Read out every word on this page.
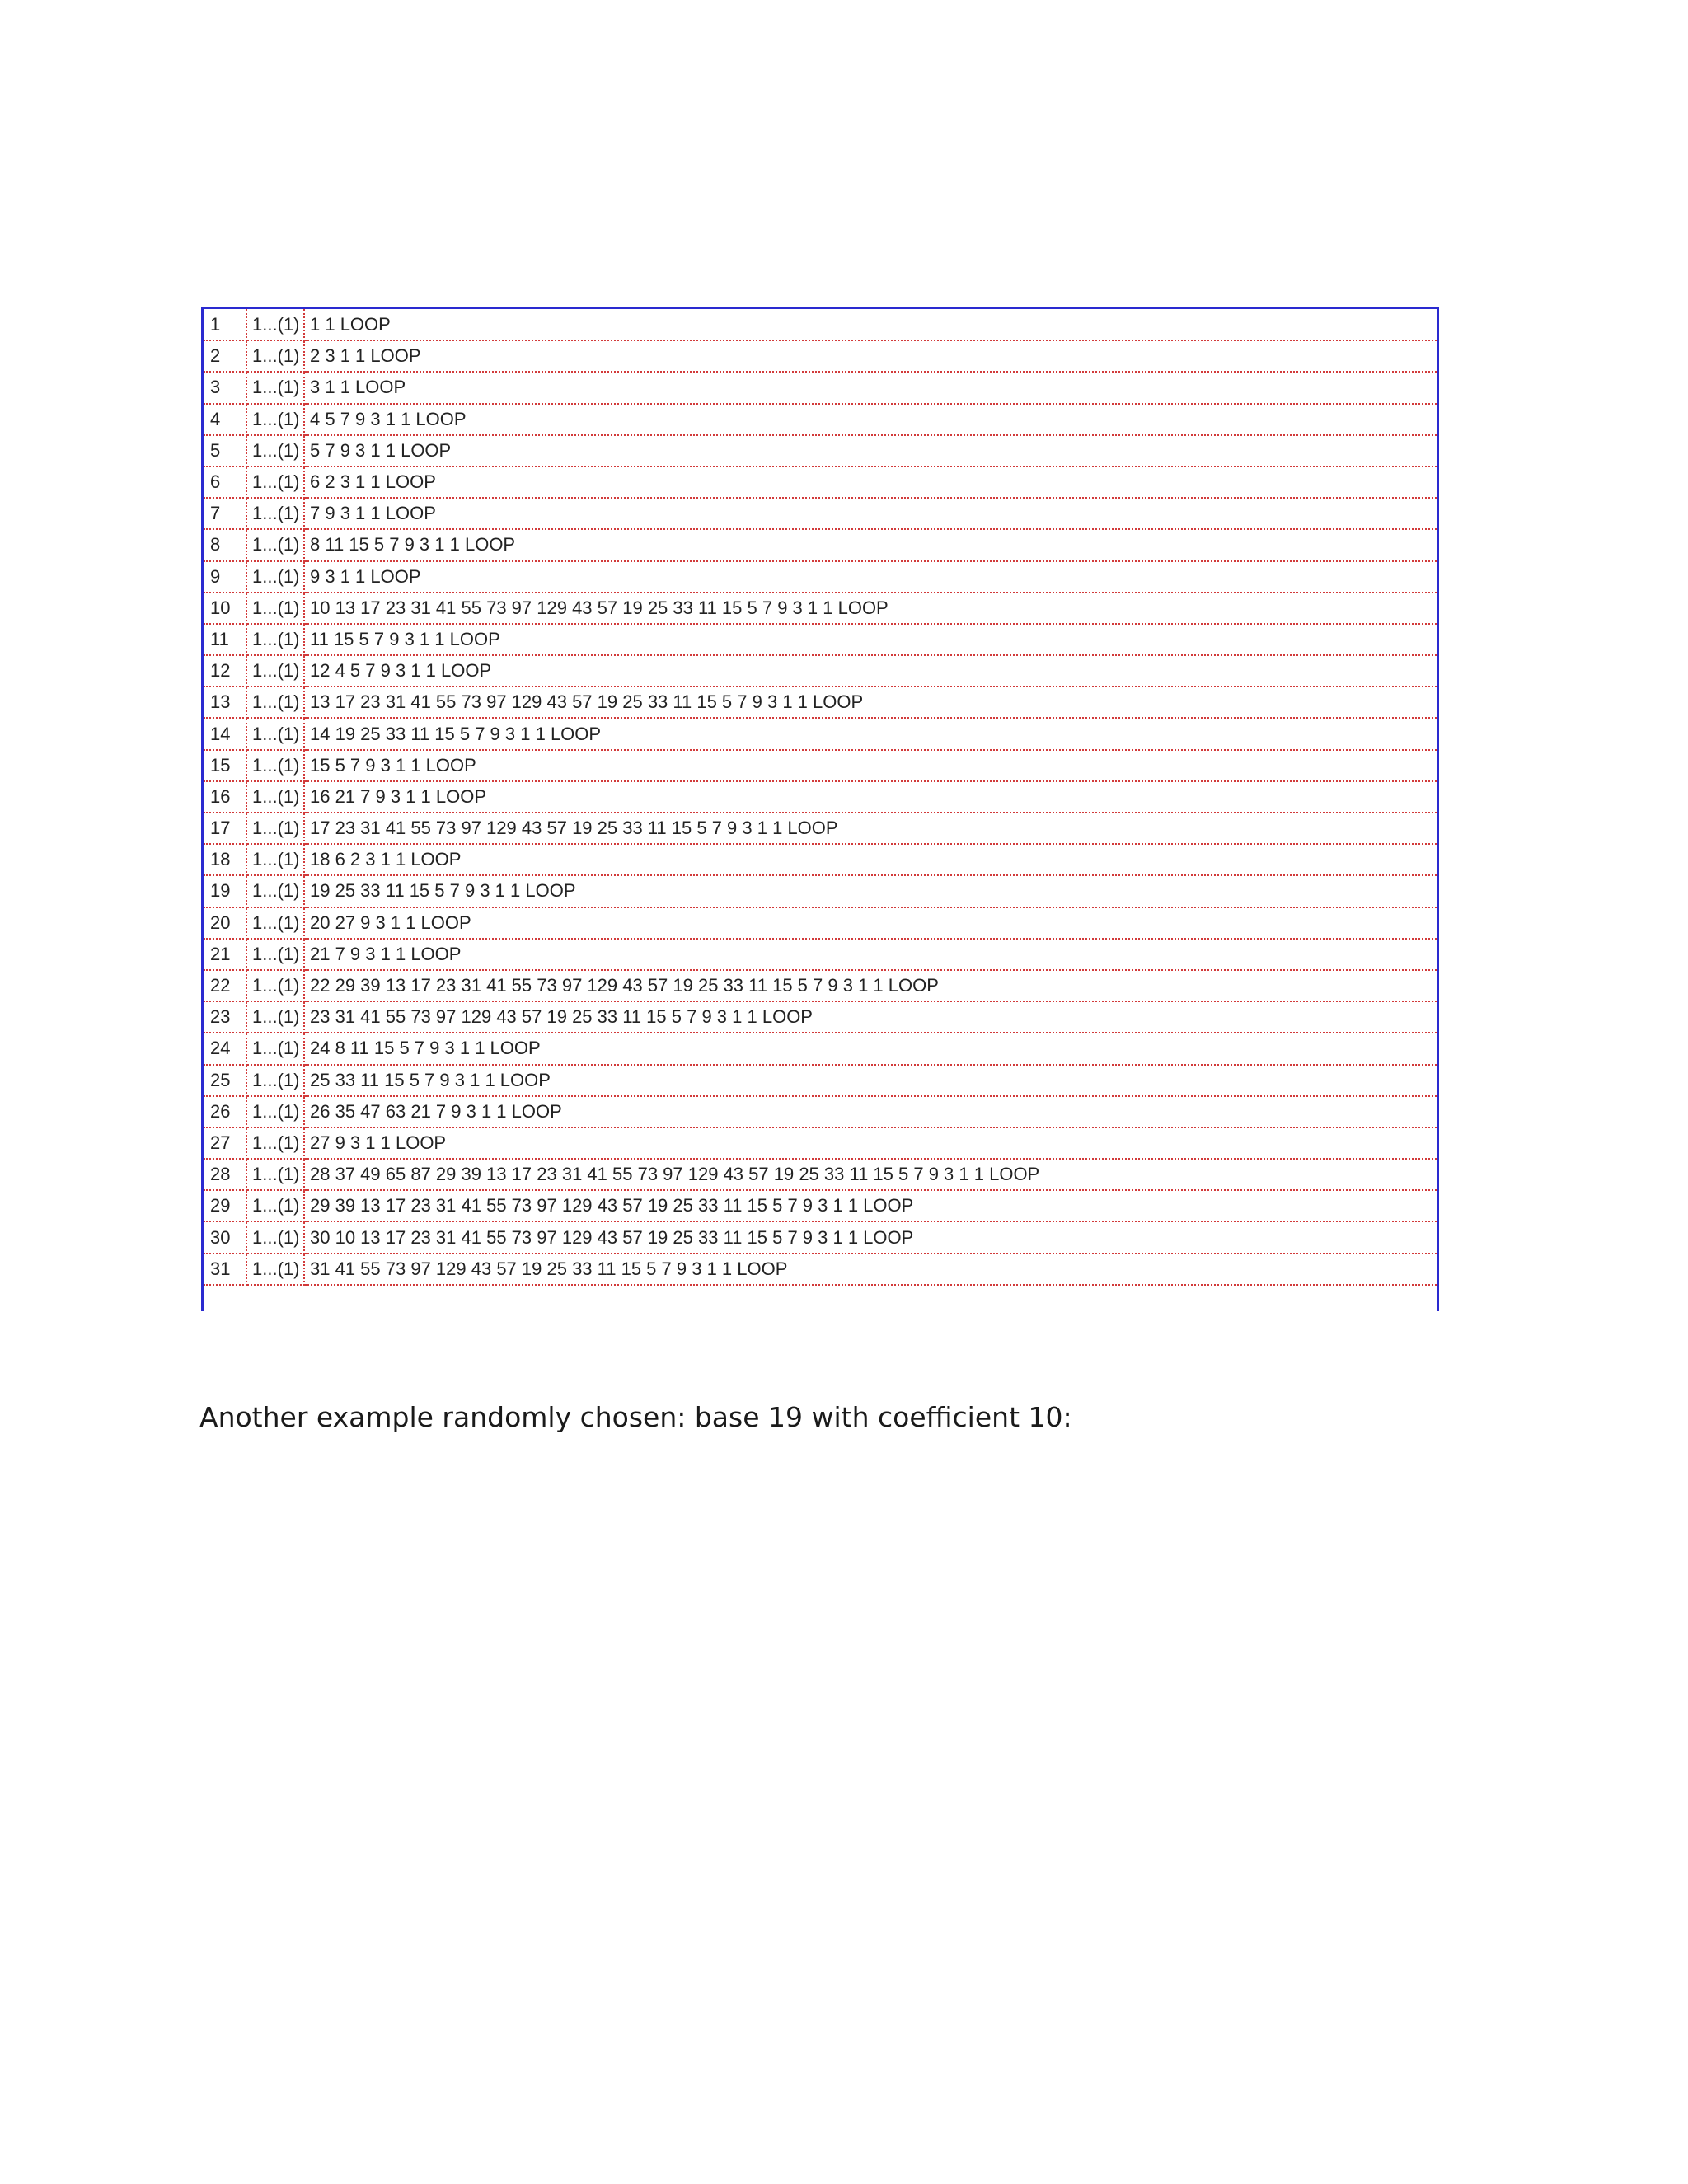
1	1...(1)	1 1 LOOP
2	1...(1)	2 3 1 1 LOOP
3	1...(1)	3 1 1 LOOP
4	1...(1)	4 5 7 9 3 1 1 LOOP
5	1...(1)	5 7 9 3 1 1 LOOP
6	1...(1)	6 2 3 1 1 LOOP
7	1...(1)	7 9 3 1 1 LOOP
8	1...(1)	8 11 15 5 7 9 3 1 1 LOOP
9	1...(1)	9 3 1 1 LOOP
10	1...(1)	10 13 17 23 31 41 55 73 97 129 43 57 19 25 33 11 15 5 7 9 3 1 1 LOOP
11	1...(1)	11 15 5 7 9 3 1 1 LOOP
12	1...(1)	12 4 5 7 9 3 1 1 LOOP
13	1...(1)	13 17 23 31 41 55 73 97 129 43 57 19 25 33 11 15 5 7 9 3 1 1 LOOP
14	1...(1)	14 19 25 33 11 15 5 7 9 3 1 1 LOOP
15	1...(1)	15 5 7 9 3 1 1 LOOP
16	1...(1)	16 21 7 9 3 1 1 LOOP
17	1...(1)	17 23 31 41 55 73 97 129 43 57 19 25 33 11 15 5 7 9 3 1 1 LOOP
18	1...(1)	18 6 2 3 1 1 LOOP
19	1...(1)	19 25 33 11 15 5 7 9 3 1 1 LOOP
20	1...(1)	20 27 9 3 1 1 LOOP
21	1...(1)	21 7 9 3 1 1 LOOP
22	1...(1)	22 29 39 13 17 23 31 41 55 73 97 129 43 57 19 25 33 11 15 5 7 9 3 1 1 LOOP
23	1...(1)	23 31 41 55 73 97 129 43 57 19 25 33 11 15 5 7 9 3 1 1 LOOP
24	1...(1)	24 8 11 15 5 7 9 3 1 1 LOOP
25	1...(1)	25 33 11 15 5 7 9 3 1 1 LOOP
26	1...(1)	26 35 47 63 21 7 9 3 1 1 LOOP
27	1...(1)	27 9 3 1 1 LOOP
28	1...(1)	28 37 49 65 87 29 39 13 17 23 31 41 55 73 97 129 43 57 19 25 33 11 15 5 7 9 3 1 1 LOOP
29	1...(1)	29 39 13 17 23 31 41 55 73 97 129 43 57 19 25 33 11 15 5 7 9 3 1 1 LOOP
30	1...(1)	30 10 13 17 23 31 41 55 73 97 129 43 57 19 25 33 11 15 5 7 9 3 1 1 LOOP
31	1...(1)	31 41 55 73 97 129 43 57 19 25 33 11 15 5 7 9 3 1 1 LOOP
Another example randomly chosen: base 19 with coefficient 10:
